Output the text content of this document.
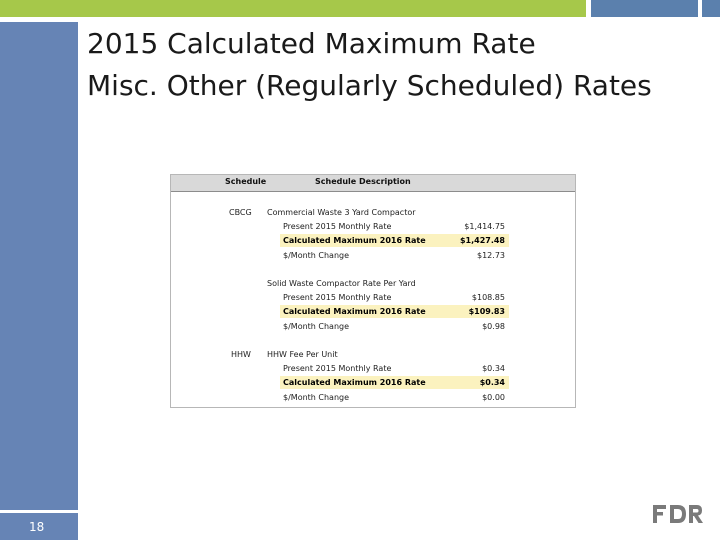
18
2015 Calculated Maximum Rate
Misc. Other (Regularly Scheduled) Rates
Schedule	Schedule Description
CBCG Commercial Waste 3 Yard Compactor
Present 2015 Monthly Rate	$1,414.75
Calculated Maximum 2016 Rate	$1,427.48
$/Month Change	$12.73
Solid Waste Compactor Rate Per Yard
Present 2015 Monthly Rate	$108.85
Calculated Maximum 2016 Rate	$109.83
$/Month Change	$0.98
HHW HHW Fee Per Unit
Present 2015 Monthly Rate	$0.34
Calculated Maximum 2016 Rate	$0.34
$/Month Change	$0.00
